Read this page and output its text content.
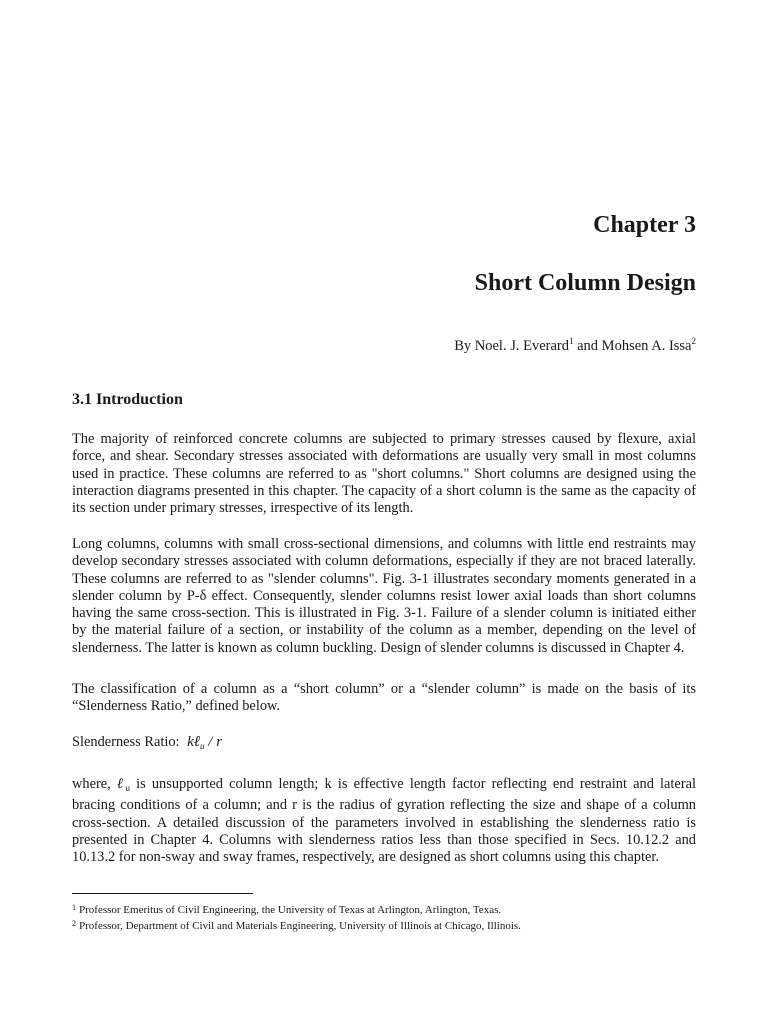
Chapter 3
Short Column Design
By Noel. J. Everard$^1$ and Mohsen A. Issa$^2$
3.1 Introduction

The majority of reinforced concrete columns are subjected to primary stresses caused by flexure, axial force, and shear. Secondary stresses associated with deformations are usually very small in most columns used in practice. These columns are referred to as "short columns." Short columns are designed using the interaction diagrams presented in this chapter. The capacity of a short column is the same as the capacity of its section under primary stresses, irrespective of its length.

Long columns, columns with small cross-sectional dimensions, and columns with little end restraints may develop secondary stresses associated with column deformations, especially if they are not braced laterally. These columns are referred to as "slender columns". Fig. 3-1 illustrates secondary moments generated in a slender column by P-δ effect. Consequently, slender columns resist lower axial loads than short columns having the same cross-section. This is illustrated in Fig. 3-1. Failure of a slender column is initiated either by the material failure of a section, or instability of the column as a member, depending on the level of slenderness. The latter is known as column buckling. Design of slender columns is discussed in Chapter 4.

The classification of a column as a “short column” or a “slender column” is made on the basis of its “Slenderness Ratio,” defined below.

Slenderness Ratio: kℓ$_u$ / r

where, ℓ$_u$ is unsupported column length; k is effective length factor reflecting end restraint and lateral bracing conditions of a column; and r is the radius of gyration reflecting the size and shape of a column cross-section. A detailed discussion of the parameters involved in establishing the slenderness ratio is presented in Chapter 4. Columns with slenderness ratios less than those specified in Secs. 10.12.2 and 10.13.2 for non-sway and sway frames, respectively, are designed as short columns using this chapter.

$^1$ Professor Emeritus of Civil Engineering, the University of Texas at Arlington, Arlington, Texas.
$^2$ Professor, Department of Civil and Materials Engineering, University of Illinois at Chicago, Illinois.
